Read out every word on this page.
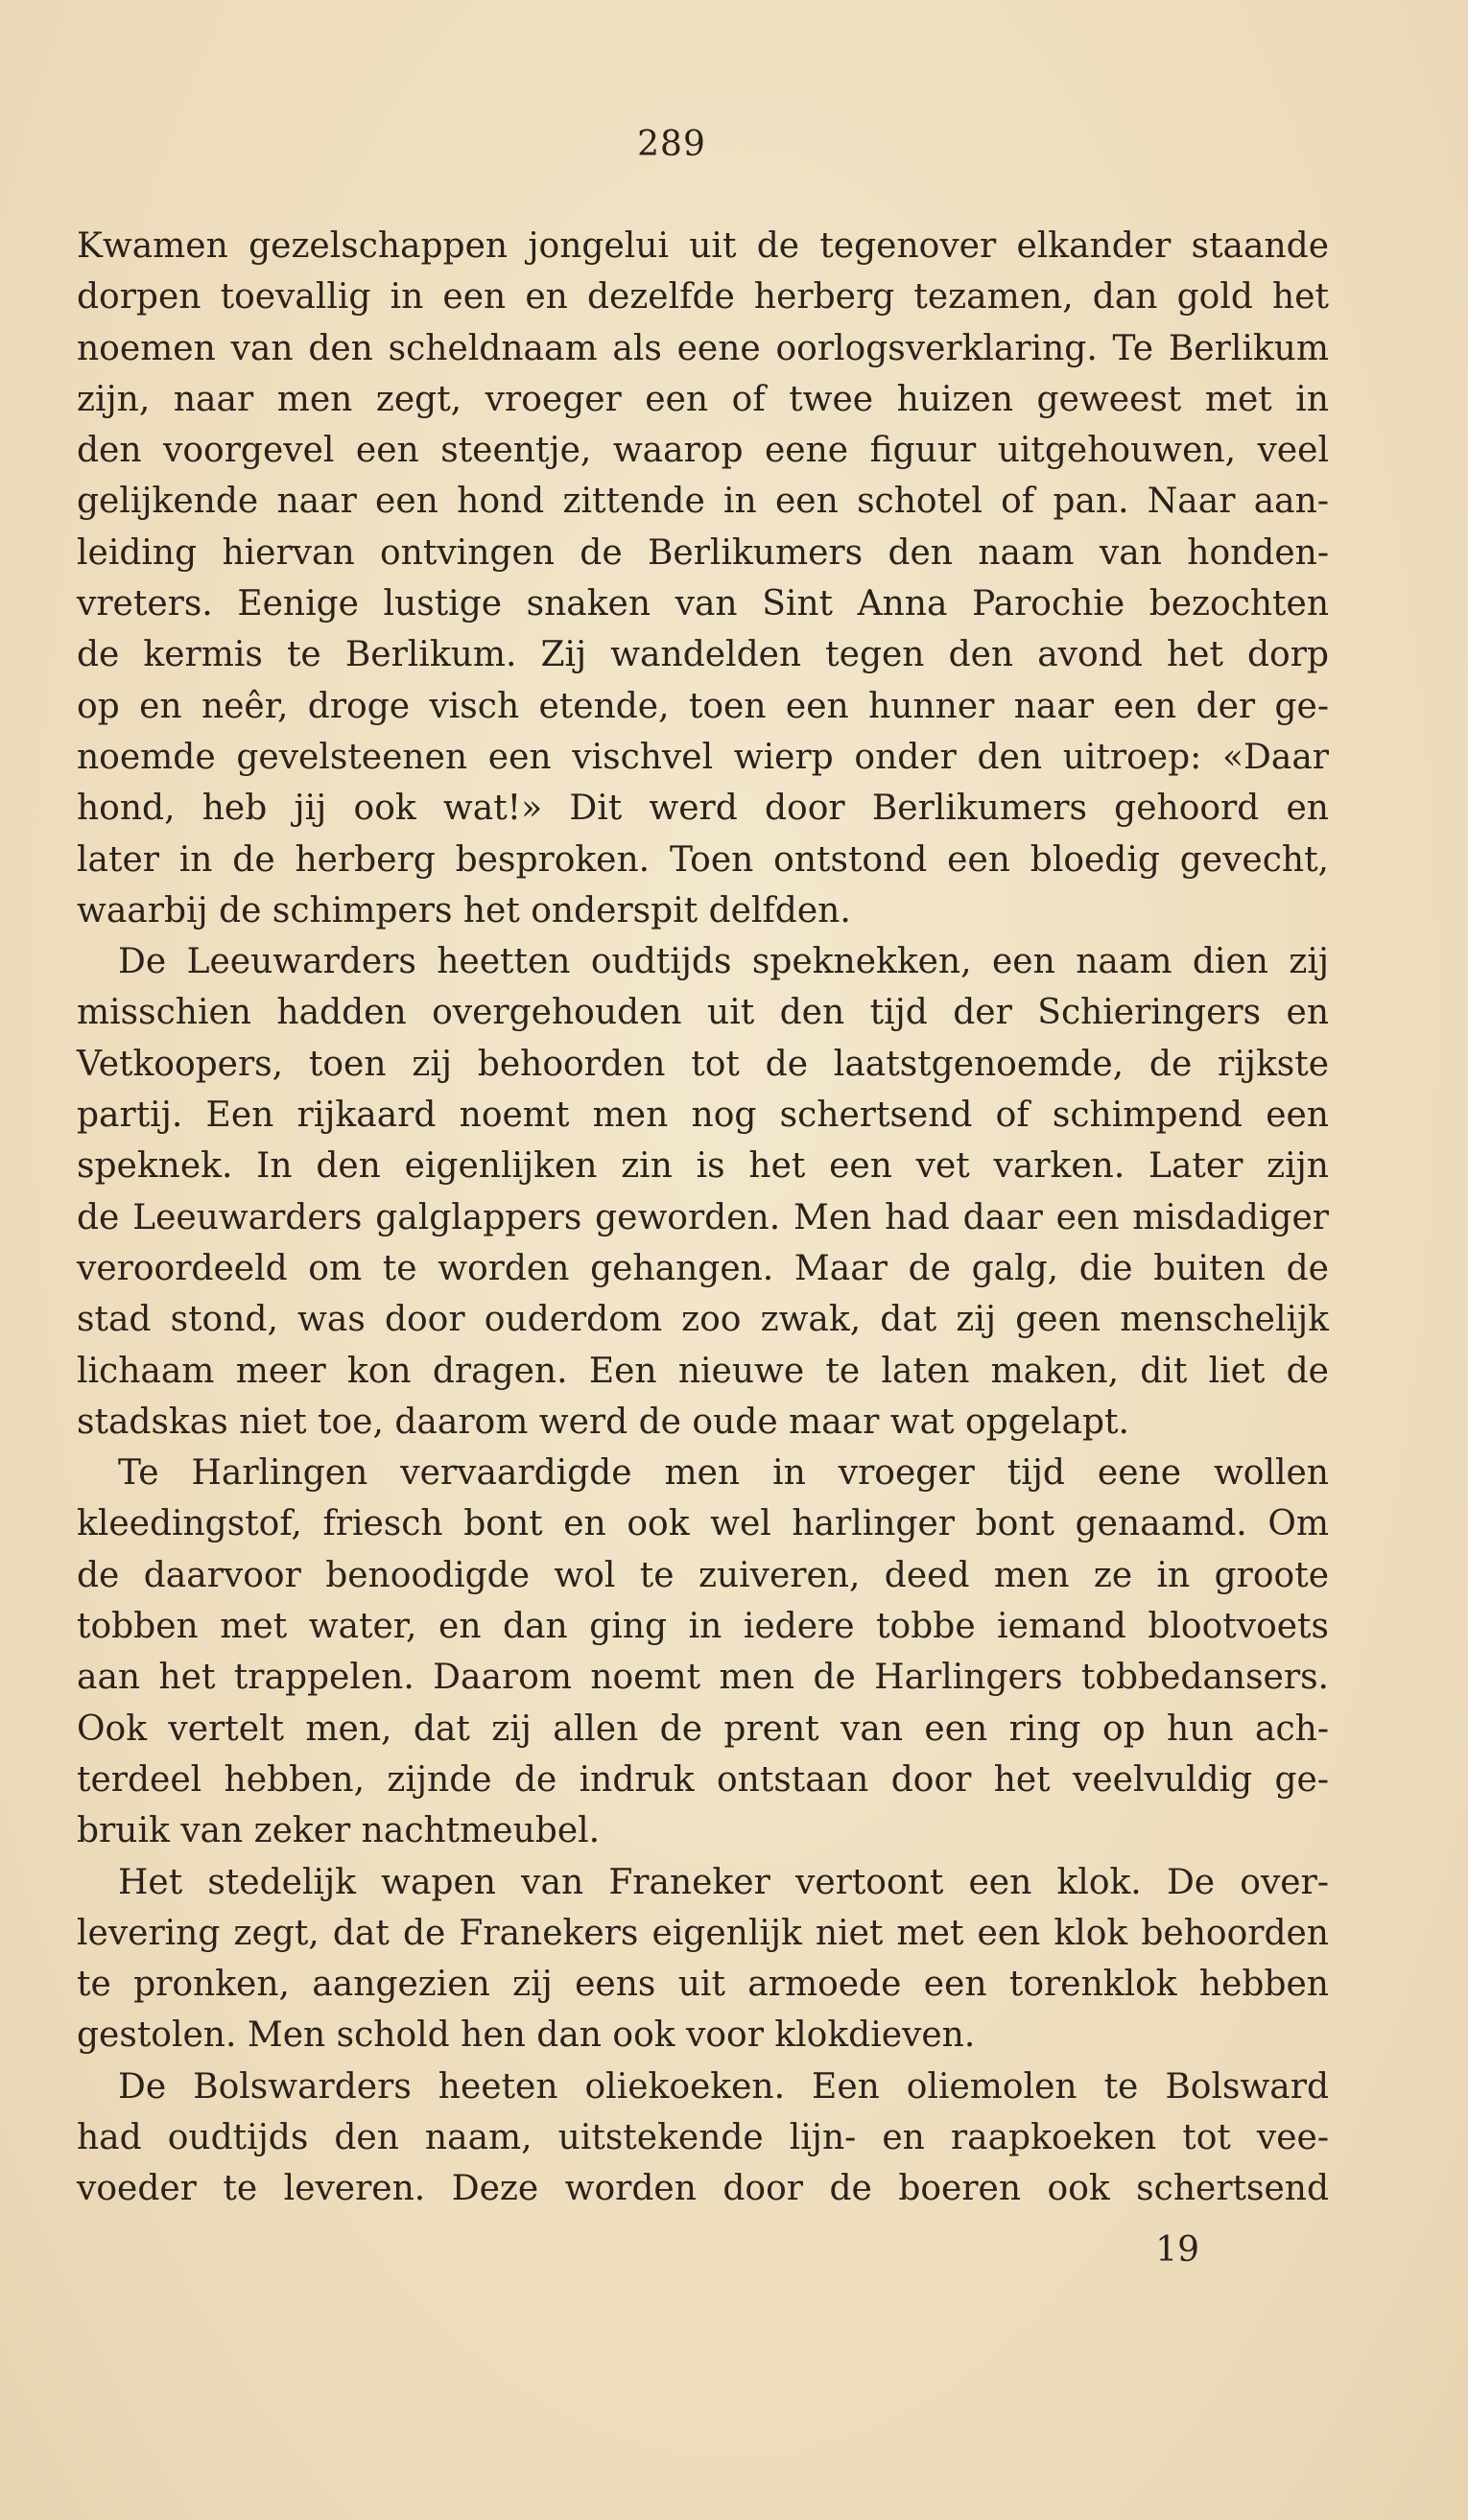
289
Kwamen gezelschappen jongelui uit de tegenover elkander staande
dorpen toevallig in een en dezelfde herberg tezamen, dan gold het
noemen van den scheldnaam als eene oorlogsverklaring. Te Berlikum
zijn, naar men zegt, vroeger een of twee huizen geweest met in
den voorgevel een steentje, waarop eene figuur uitgehouwen, veel
gelijkende naar een hond zittende in een schotel of pan. Naar aan-
leiding hiervan ontvingen de Berlikumers den naam van honden-
vreters. Eenige lustige snaken van Sint Anna Parochie bezochten
de kermis te Berlikum. Zij wandelden tegen den avond het dorp
op en neêr, droge visch etende, toen een hunner naar een der ge-
noemde gevelsteenen een vischvel wierp onder den uitroep: «Daar
hond, heb jij ook wat!» Dit werd door Berlikumers gehoord en
later in de herberg besproken. Toen ontstond een bloedig gevecht,
waarbij de schimpers het onderspit delfden.
De Leeuwarders heetten oudtijds speknekken, een naam dien zij
misschien hadden overgehouden uit den tijd der Schieringers en
Vetkoopers, toen zij behoorden tot de laatstgenoemde, de rijkste
partij. Een rijkaard noemt men nog schertsend of schimpend een
speknek. In den eigenlijken zin is het een vet varken. Later zijn
de Leeuwarders galglappers geworden. Men had daar een misdadiger
veroordeeld om te worden gehangen. Maar de galg, die buiten de
stad stond, was door ouderdom zoo zwak, dat zij geen menschelijk
lichaam meer kon dragen. Een nieuwe te laten maken, dit liet de
stadskas niet toe, daarom werd de oude maar wat opgelapt.
Te Harlingen vervaardigde men in vroeger tijd eene wollen
kleedingstof, friesch bont en ook wel harlinger bont genaamd. Om
de daarvoor benoodigde wol te zuiveren, deed men ze in groote
tobben met water, en dan ging in iedere tobbe iemand blootvoets
aan het trappelen. Daarom noemt men de Harlingers tobbedansers.
Ook vertelt men, dat zij allen de prent van een ring op hun ach-
terdeel hebben, zijnde de indruk ontstaan door het veelvuldig ge-
bruik van zeker nachtmeubel.
Het stedelijk wapen van Franeker vertoont een klok. De over-
levering zegt, dat de Franekers eigenlijk niet met een klok behoorden
te pronken, aangezien zij eens uit armoede een torenklok hebben
gestolen. Men schold hen dan ook voor klokdieven.
De Bolswarders heeten oliekoeken. Een oliemolen te Bolsward
had oudtijds den naam, uitstekende lijn- en raapkoeken tot vee-
voeder te leveren. Deze worden door de boeren ook schertsend
19
